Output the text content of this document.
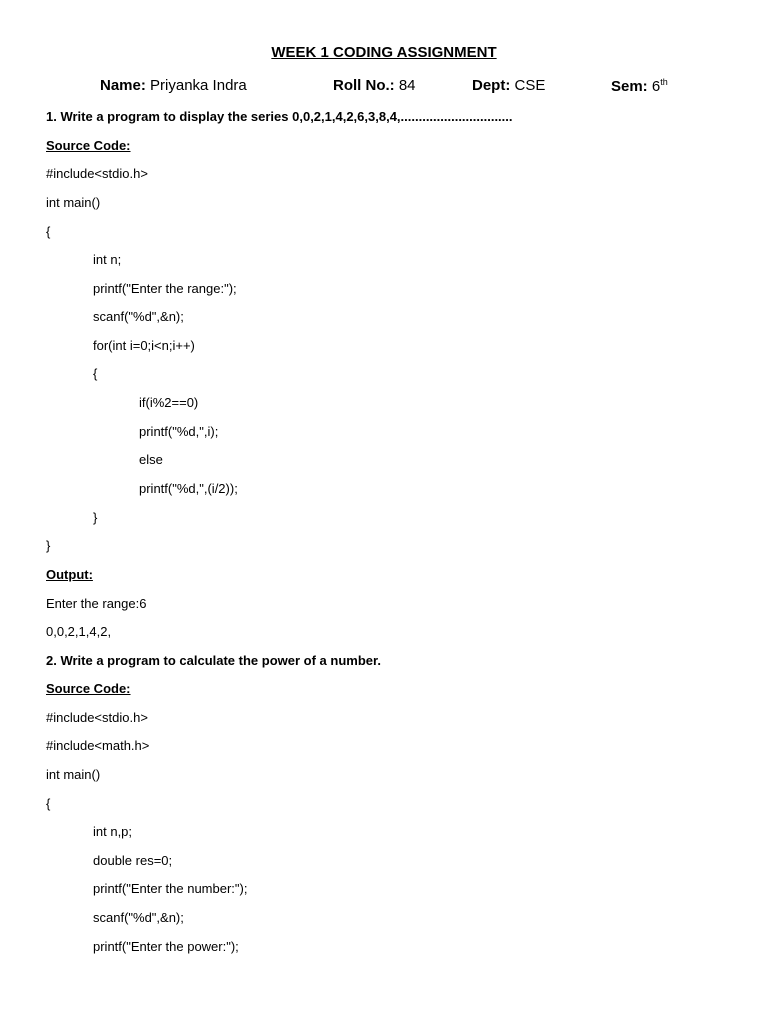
WEEK 1 CODING ASSIGNMENT
Name: Priyanka Indra	Roll No.: 84	Dept: CSE	Sem: 6th
1. Write a program to display the series 0,0,2,1,4,2,6,3,8,4,...............................
Source Code:
#include<stdio.h>
int main()
{
int n;
printf("Enter the range:");
scanf("%d",&n);
for(int i=0;i<n;i++)
{
if(i%2==0)
printf("%d,",i);
else
printf("%d,",(i/2));
}
}
Output:
Enter the range:6
0,0,2,1,4,2,
2. Write a program to calculate the power of a number.
Source Code:
#include<stdio.h>
#include<math.h>
int main()
{
int n,p;
double res=0;
printf("Enter the number:");
scanf("%d",&n);
printf("Enter the power:");
